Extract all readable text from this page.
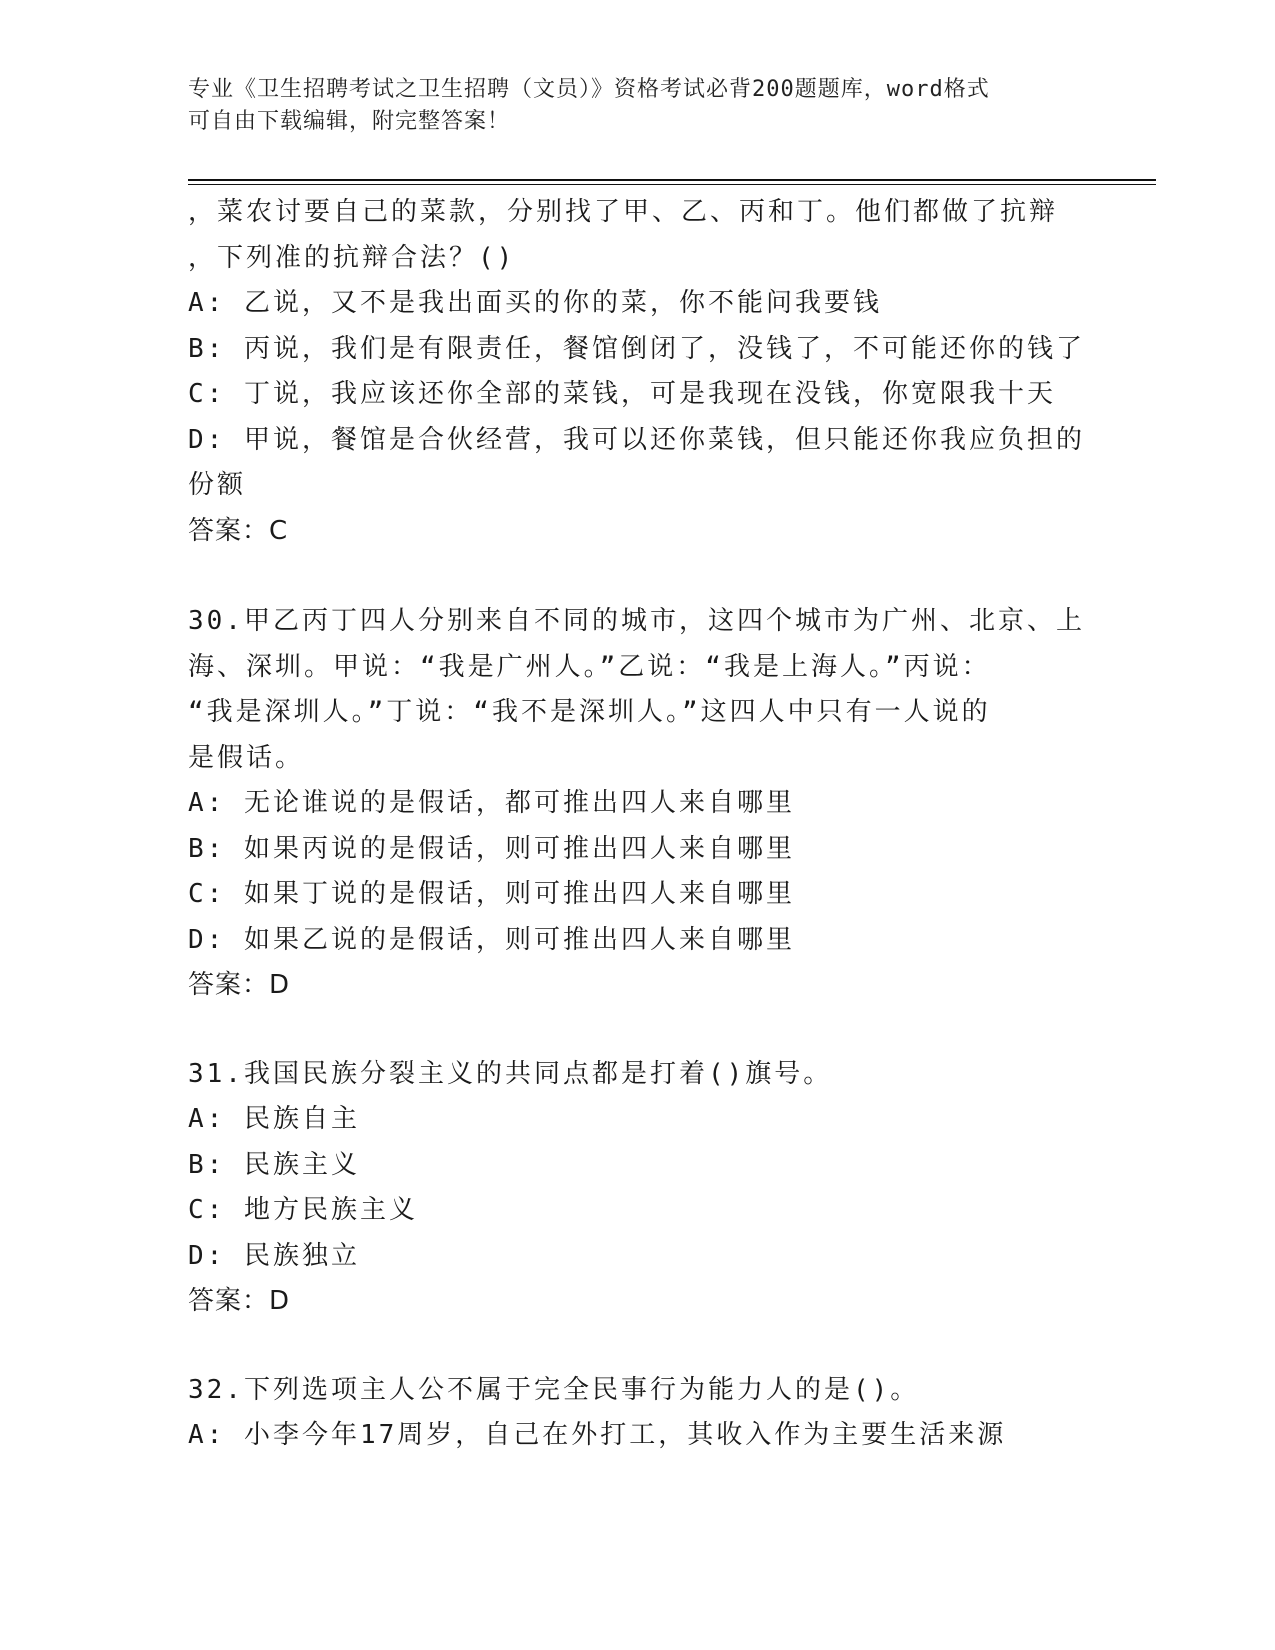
专业《卫生招聘考试之卫生招聘（文员）》资格考试必背200题题库，word格式
可自由下载编辑，附完整答案！

，菜农讨要自己的菜款，分别找了甲、乙、丙和丁。他们都做了抗辩

，下列准的抗辩合法？()

A: 乙说，又不是我出面买的你的菜，你不能问我要钱

B: 丙说，我们是有限责任，餐馆倒闭了，没钱了，不可能还你的钱了

C: 丁说，我应该还你全部的菜钱，可是我现在没钱，你宽限我十天

D: 甲说，餐馆是合伙经营，我可以还你菜钱，但只能还你我应负担的

份额

答案：C

30.甲乙丙丁四人分别来自不同的城市，这四个城市为广州、北京、上

海、深圳。甲说：“我是广州人。”乙说：“我是上海人。”丙说：

“我是深圳人。”丁说：“我不是深圳人。”这四人中只有一人说的

是假话。

A: 无论谁说的是假话，都可推出四人来自哪里

B: 如果丙说的是假话，则可推出四人来自哪里

C: 如果丁说的是假话，则可推出四人来自哪里

D: 如果乙说的是假话，则可推出四人来自哪里

答案：D

31.我国民族分裂主义的共同点都是打着()旗号。

A: 民族自主

B: 民族主义

C: 地方民族主义

D: 民族独立

答案：D

32.下列选项主人公不属于完全民事行为能力人的是()。

A: 小李今年17周岁，自己在外打工，其收入作为主要生活来源
